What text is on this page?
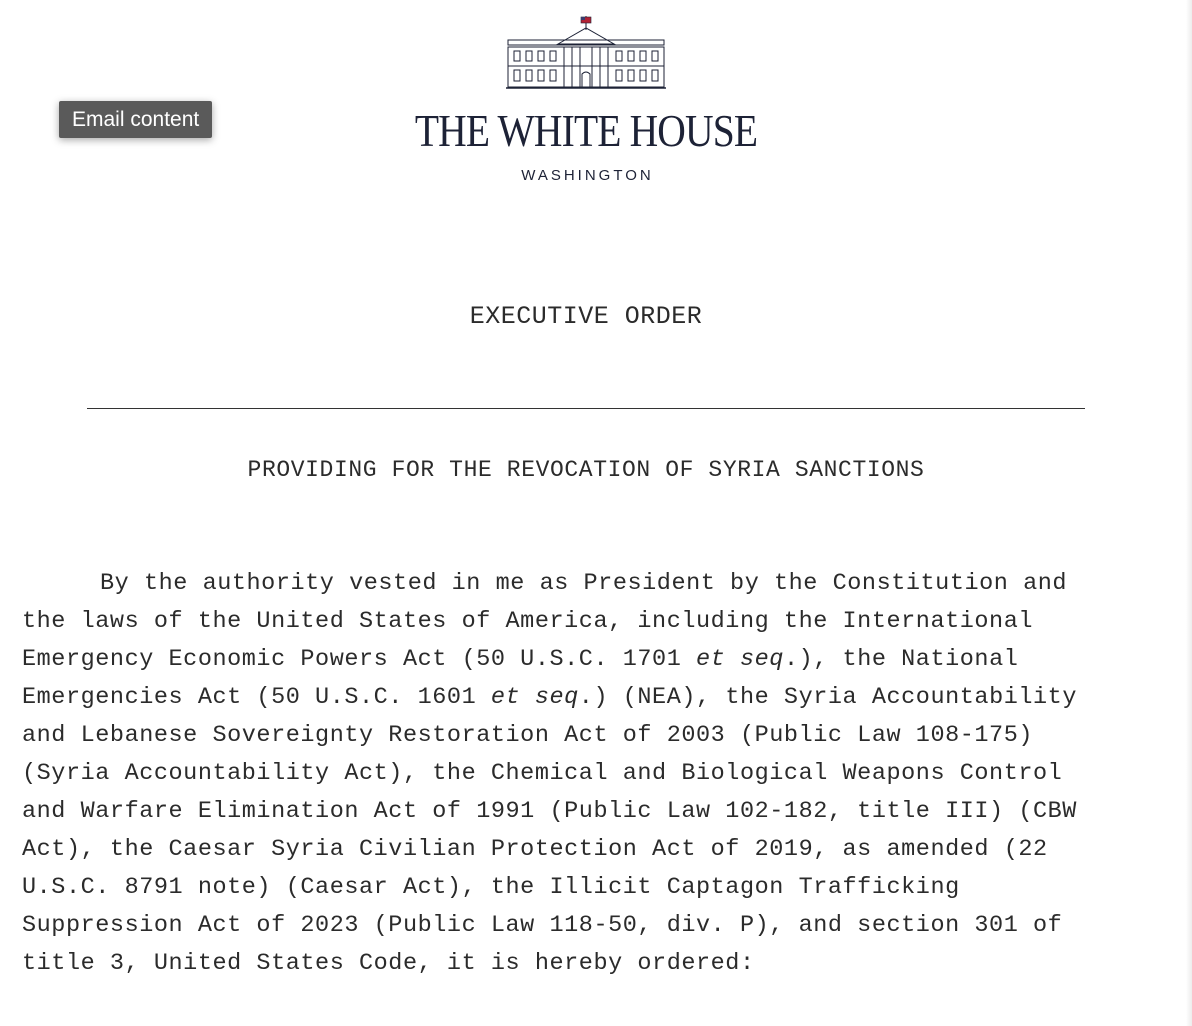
Email content	THE WHITE HOUSE
WASHINGTON
EXECUTIVE ORDER
PROVIDING FOR THE REVOCATION OF SYRIA SANCTIONS
By the authority vested in me as President by the Constitution and
the laws of the United States of America, including the International
Emergency Economic Powers Act (50 U.S.C. 1701 et seq.), the National
Emergencies Act (50 U.S.C. 1601 et seq.) (NEA), the Syria Accountability
and Lebanese Sovereignty Restoration Act of 2003 (Public Law 108-175)
(Syria Accountability Act), the Chemical and Biological Weapons Control
and Warfare Elimination Act of 1991 (Public Law 102-182, title III) (CBW
Act), the Caesar Syria Civilian Protection Act of 2019, as amended (22
U.S.C. 8791 note) (Caesar Act), the Illicit Captagon Trafficking
Suppression Act of 2023 (Public Law 118-50, div. P), and section 301 of
title 3, United States Code, it is hereby ordered:
